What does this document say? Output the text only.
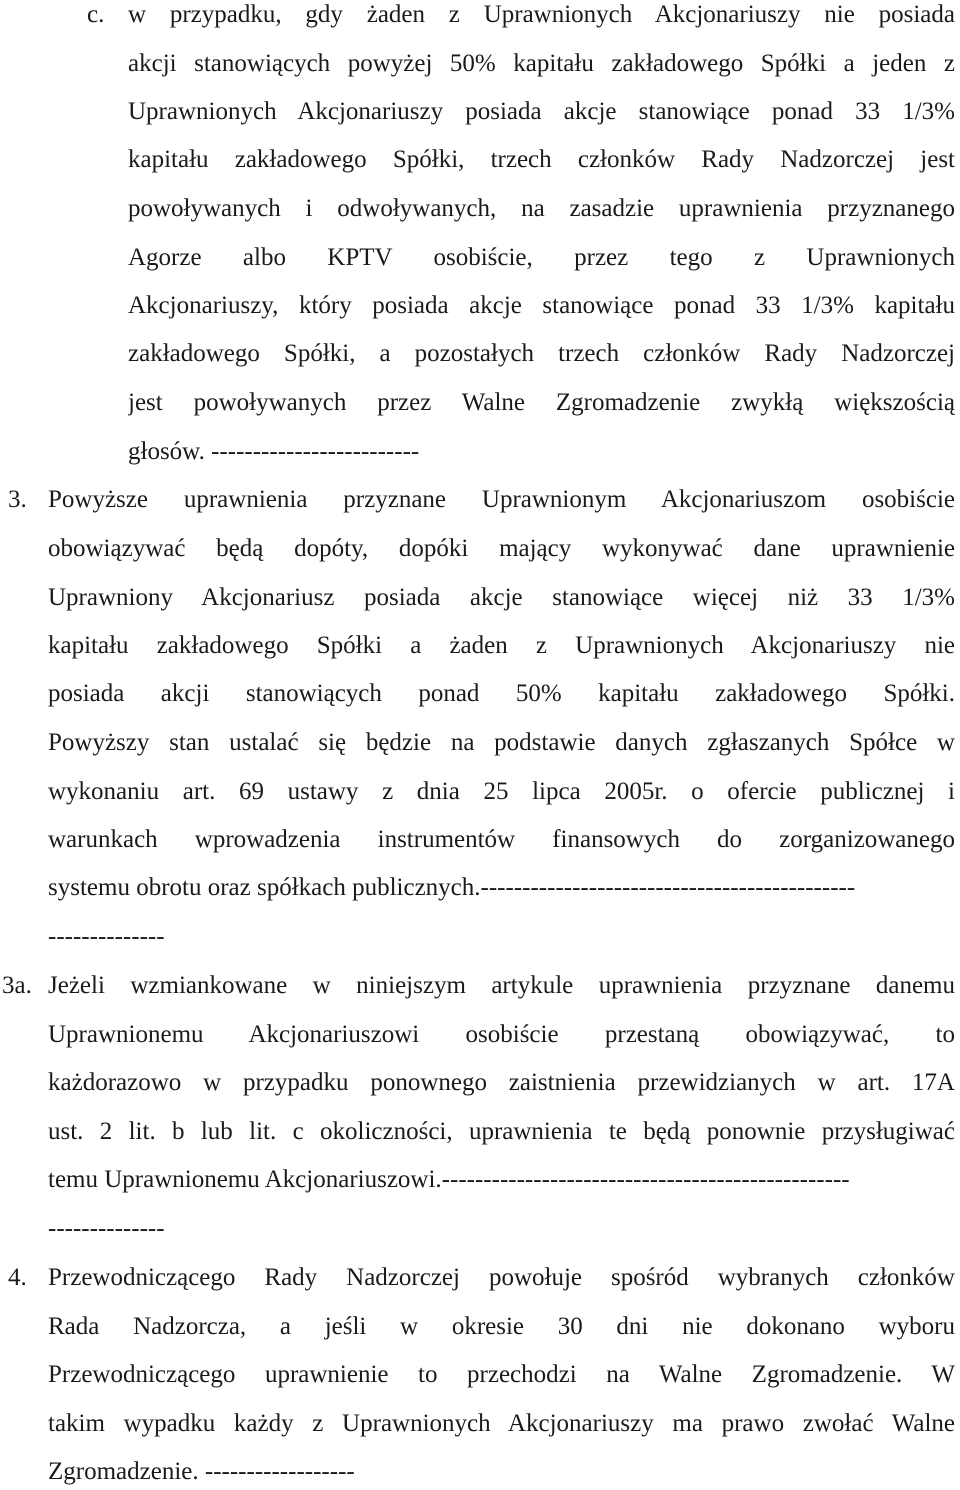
c. w przypadku, gdy żaden z Uprawnionych Akcjonariuszy nie posiada
akcji stanowiących powyżej 50% kapitału zakładowego Spółki a jeden z
Uprawnionych Akcjonariuszy posiada akcje stanowiące ponad 33 1/3%
kapitału zakładowego Spółki, trzech członków Rady Nadzorczej jest
powoływanych i odwoływanych, na zasadzie uprawnienia przyznanego
Agorze albo KPTV osobiście, przez tego z Uprawnionych
Akcjonariuszy, który posiada akcje stanowiące ponad 33 1/3% kapitału
zakładowego Spółki, a pozostałych trzech członków Rady Nadzorczej
jest powoływanych przez Walne Zgromadzenie zwykłą większością
głosów. -------------------------
3. Powyższe uprawnienia przyznane Uprawnionym Akcjonariuszom osobiście
obowiązywać będą dopóty, dopóki mający wykonywać dane uprawnienie
Uprawniony Akcjonariusz posiada akcje stanowiące więcej niż 33 1/3%
kapitału zakładowego Spółki a żaden z Uprawnionych Akcjonariuszy nie
posiada akcji stanowiących ponad 50% kapitału zakładowego Spółki.
Powyższy stan ustalać się będzie na podstawie danych zgłaszanych Spółce w
wykonaniu art. 69 ustawy z dnia 25 lipca 2005r. o ofercie publicznej i
warunkach wprowadzenia instrumentów finansowych do zorganizowanego
systemu obrotu oraz spółkach publicznych.---------------------------------------------
--------------
3a. Jeżeli wzmiankowane w niniejszym artykule uprawnienia przyznane danemu
Uprawnionemu Akcjonariuszowi osobiście przestaną obowiązywać, to
każdorazowo w przypadku ponownego zaistnienia przewidzianych w art. 17A
ust. 2 lit. b lub lit. c okoliczności, uprawnienia te będą ponownie przysługiwać
temu Uprawnionemu Akcjonariuszowi.-------------------------------------------------
--------------
4. Przewodniczącego Rady Nadzorczej powołuje spośród wybranych członków
Rada Nadzorcza, a jeśli w okresie 30 dni nie dokonano wyboru
Przewodniczącego uprawnienie to przechodzi na Walne Zgromadzenie. W
takim wypadku każdy z Uprawnionych Akcjonariuszy ma prawo zwołać Walne
Zgromadzenie. ------------------
